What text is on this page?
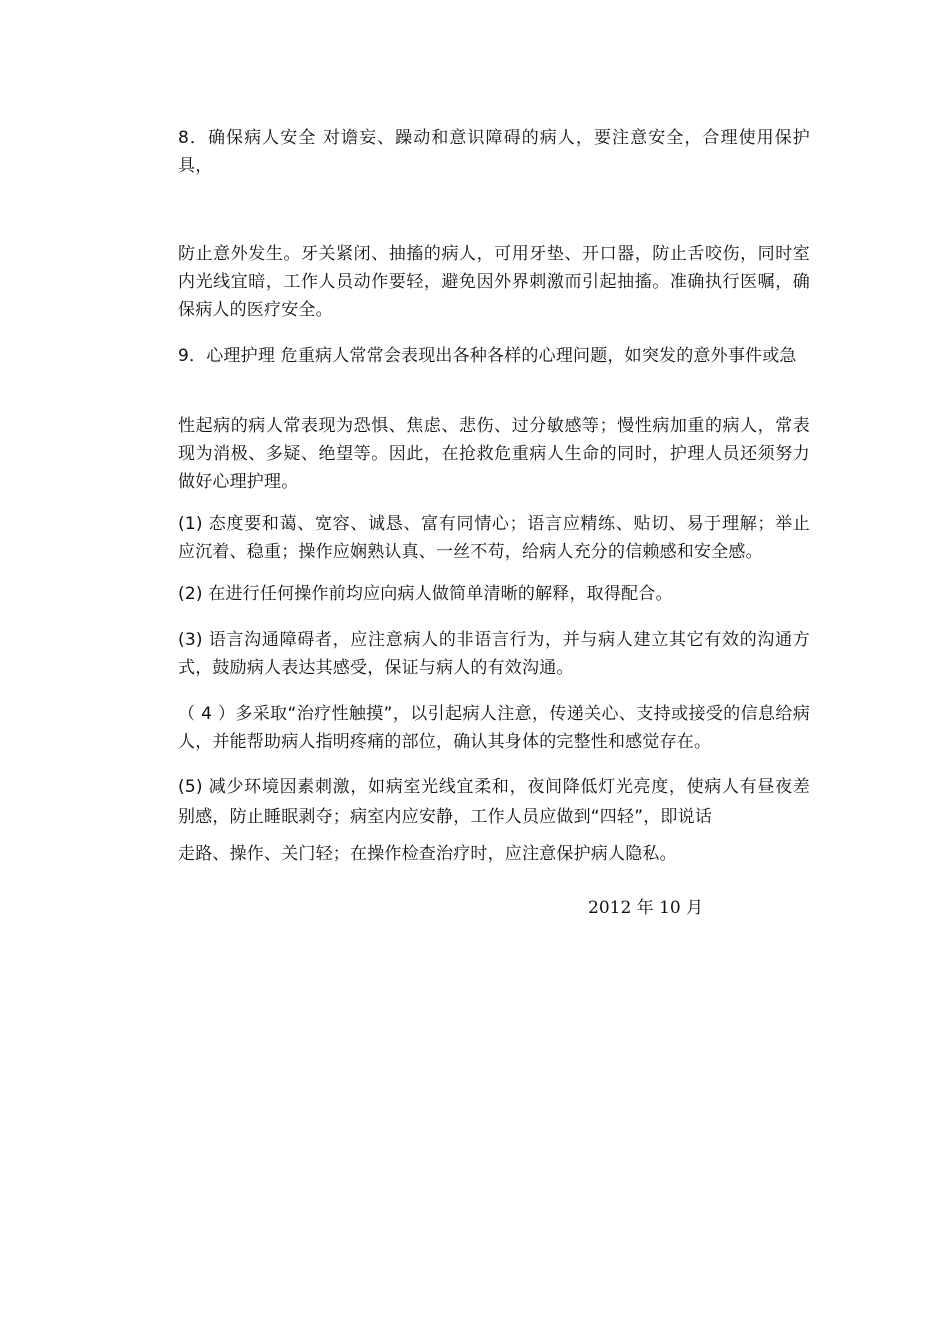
8．确保病人安全 对谵妄、躁动和意识障碍的病人，要注意安全，合理使用保护具，

防止意外发生。牙关紧闭、抽搐的病人，可用牙垫、开口器，防止舌咬伤，同时室内光线宜暗，工作人员动作要轻，避免因外界刺激而引起抽搐。准确执行医嘱，确保病人的医疗安全。

9．心理护理 危重病人常常会表现出各种各样的心理问题，如突发的意外事件或急

性起病的病人常表现为恐惧、焦虑、悲伤、过分敏感等；慢性病加重的病人，常表现为消极、多疑、绝望等。因此，在抢救危重病人生命的同时，护理人员还须努力做好心理护理。

(1) 态度要和蔼、宽容、诚恳、富有同情心；语言应精练、贴切、易于理解；举止应沉着、稳重；操作应娴熟认真、一丝不苟，给病人充分的信赖感和安全感。

(2) 在进行任何操作前均应向病人做简单清晰的解释，取得配合。

(3) 语言沟通障碍者，应注意病人的非语言行为，并与病人建立其它有效的沟通方式，鼓励病人表达其感受，保证与病人的有效沟通。

（ 4 ）多采取“治疗性触摸”，以引起病人注意，传递关心、支持或接受的信息给病人，并能帮助病人指明疼痛的部位，确认其身体的完整性和感觉存在。

(5) 减少环境因素刺激，如病室光线宜柔和，夜间降低灯光亮度，使病人有昼夜差别感，防止睡眠剥夺；病室内应安静，工作人员应做到“四轻”，即说话

走路、操作、关门轻；在操作检查治疗时，应注意保护病人隐私。

2012 年 10 月
